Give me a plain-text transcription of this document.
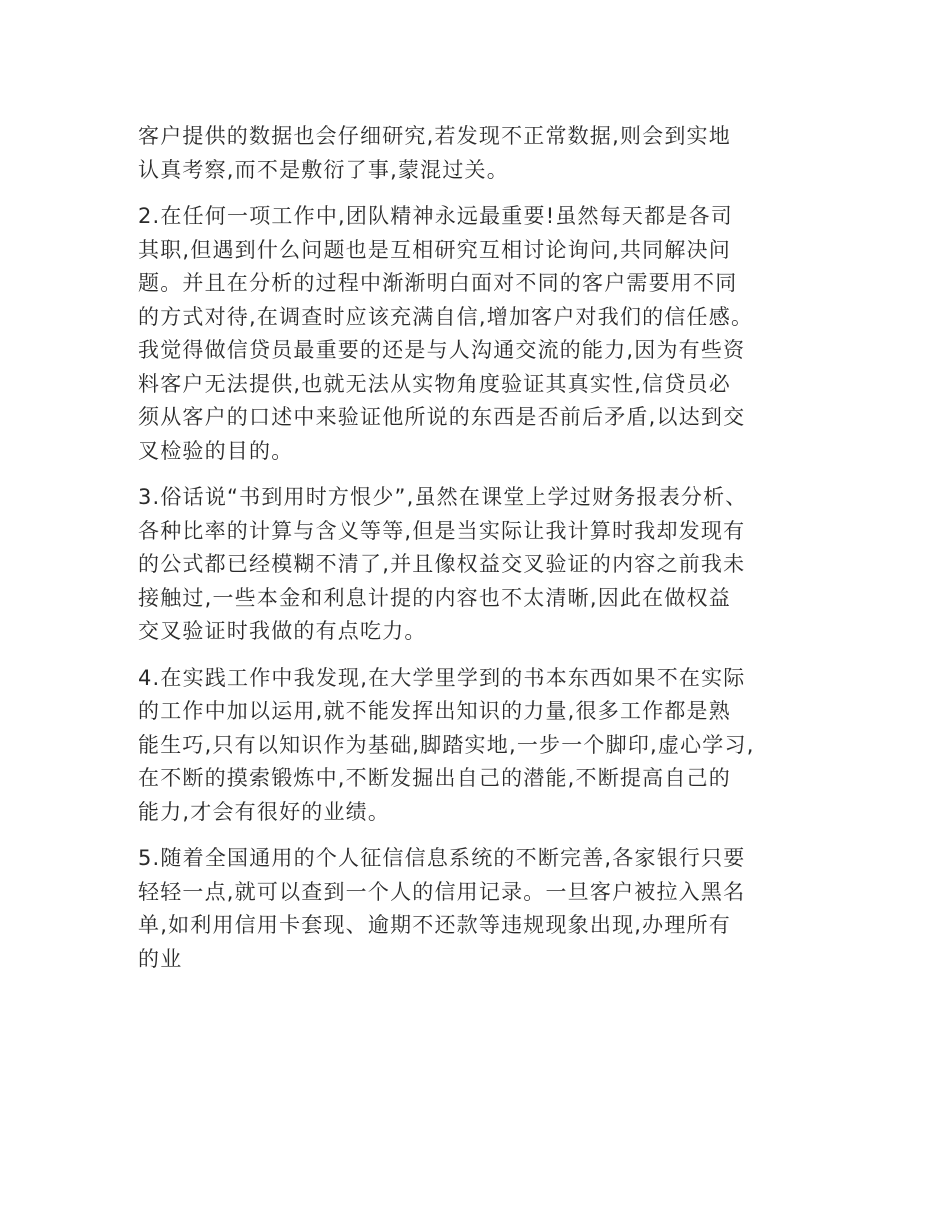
客户提供的数据也会仔细研究,若发现不正常数据,则会到实地
认真考察,而不是敷衍了事,蒙混过关。
2.在任何一项工作中,团队精神永远最重要!虽然每天都是各司
其职,但遇到什么问题也是互相研究互相讨论询问,共同解决问
题。并且在分析的过程中渐渐明白面对不同的客户需要用不同
的方式对待,在调查时应该充满自信,增加客户对我们的信任感。
我觉得做信贷员最重要的还是与人沟通交流的能力,因为有些资
料客户无法提供,也就无法从实物角度验证其真实性,信贷员必
须从客户的口述中来验证他所说的东西是否前后矛盾,以达到交
叉检验的目的。
3.俗话说“书到用时方恨少”,虽然在课堂上学过财务报表分析、
各种比率的计算与含义等等,但是当实际让我计算时我却发现有
的公式都已经模糊不清了,并且像权益交叉验证的内容之前我未
接触过,一些本金和利息计提的内容也不太清晰,因此在做权益
交叉验证时我做的有点吃力。
4.在实践工作中我发现,在大学里学到的书本东西如果不在实际
的工作中加以运用,就不能发挥出知识的力量,很多工作都是熟
能生巧,只有以知识作为基础,脚踏实地,一步一个脚印,虚心学习,
在不断的摸索锻炼中,不断发掘出自己的潜能,不断提高自己的
能力,才会有很好的业绩。
5.随着全国通用的个人征信信息系统的不断完善,各家银行只要
轻轻一点,就可以查到一个人的信用记录。一旦客户被拉入黑名
单,如利用信用卡套现、逾期不还款等违规现象出现,办理所有
的业
